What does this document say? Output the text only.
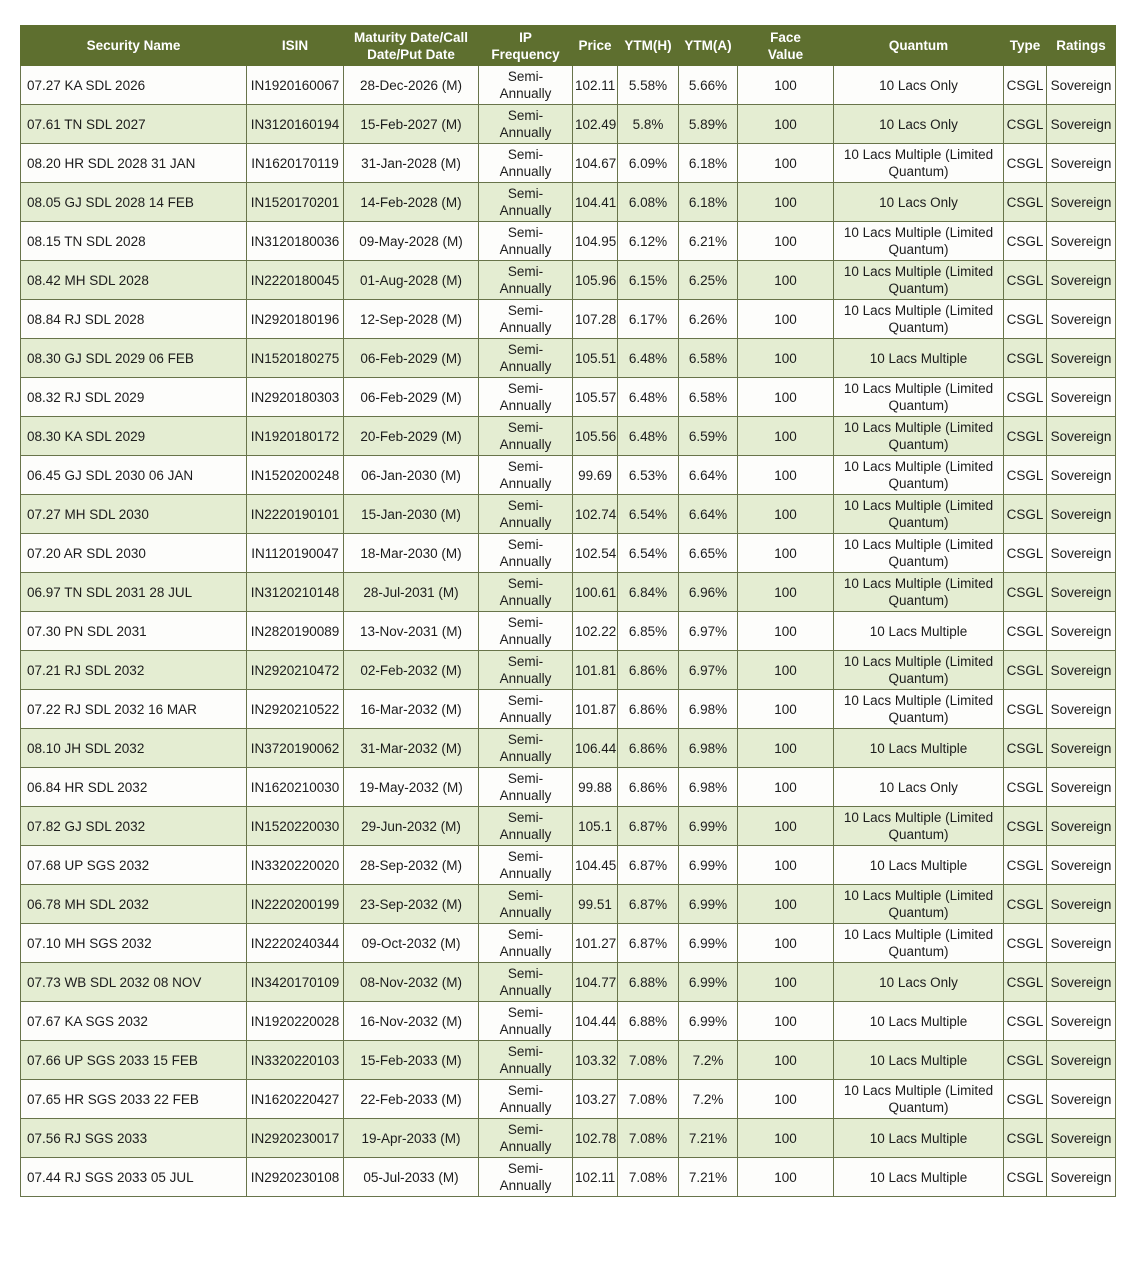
Security Name	ISIN	Maturity Date/Call Date/Put Date	IP Frequency	Price	YTM(H)	YTM(A)	Face Value	Quantum	Type	Ratings
07.27 KA SDL 2026	IN1920160067	28-Dec-2026 (M)	Semi-Annually	102.11	5.58%	5.66%	100	10 Lacs Only	CSGL	Sovereign
07.61 TN SDL 2027	IN3120160194	15-Feb-2027 (M)	Semi-Annually	102.49	5.8%	5.89%	100	10 Lacs Only	CSGL	Sovereign
08.20 HR SDL 2028 31 JAN	IN1620170119	31-Jan-2028 (M)	Semi-Annually	104.67	6.09%	6.18%	100	10 Lacs Multiple (Limited Quantum)	CSGL	Sovereign
08.05 GJ SDL 2028 14 FEB	IN1520170201	14-Feb-2028 (M)	Semi-Annually	104.41	6.08%	6.18%	100	10 Lacs Only	CSGL	Sovereign
08.15 TN SDL 2028	IN3120180036	09-May-2028 (M)	Semi-Annually	104.95	6.12%	6.21%	100	10 Lacs Multiple (Limited Quantum)	CSGL	Sovereign
08.42 MH SDL 2028	IN2220180045	01-Aug-2028 (M)	Semi-Annually	105.96	6.15%	6.25%	100	10 Lacs Multiple (Limited Quantum)	CSGL	Sovereign
08.84 RJ SDL 2028	IN2920180196	12-Sep-2028 (M)	Semi-Annually	107.28	6.17%	6.26%	100	10 Lacs Multiple (Limited Quantum)	CSGL	Sovereign
08.30 GJ SDL 2029 06 FEB	IN1520180275	06-Feb-2029 (M)	Semi-Annually	105.51	6.48%	6.58%	100	10 Lacs Multiple	CSGL	Sovereign
08.32 RJ SDL 2029	IN2920180303	06-Feb-2029 (M)	Semi-Annually	105.57	6.48%	6.58%	100	10 Lacs Multiple (Limited Quantum)	CSGL	Sovereign
08.30 KA SDL 2029	IN1920180172	20-Feb-2029 (M)	Semi-Annually	105.56	6.48%	6.59%	100	10 Lacs Multiple (Limited Quantum)	CSGL	Sovereign
06.45 GJ SDL 2030 06 JAN	IN1520200248	06-Jan-2030 (M)	Semi-Annually	99.69	6.53%	6.64%	100	10 Lacs Multiple (Limited Quantum)	CSGL	Sovereign
07.27 MH SDL 2030	IN2220190101	15-Jan-2030 (M)	Semi-Annually	102.74	6.54%	6.64%	100	10 Lacs Multiple (Limited Quantum)	CSGL	Sovereign
07.20 AR SDL 2030	IN1120190047	18-Mar-2030 (M)	Semi-Annually	102.54	6.54%	6.65%	100	10 Lacs Multiple (Limited Quantum)	CSGL	Sovereign
06.97 TN SDL 2031 28 JUL	IN3120210148	28-Jul-2031 (M)	Semi-Annually	100.61	6.84%	6.96%	100	10 Lacs Multiple (Limited Quantum)	CSGL	Sovereign
07.30 PN SDL 2031	IN2820190089	13-Nov-2031 (M)	Semi-Annually	102.22	6.85%	6.97%	100	10 Lacs Multiple	CSGL	Sovereign
07.21 RJ SDL 2032	IN2920210472	02-Feb-2032 (M)	Semi-Annually	101.81	6.86%	6.97%	100	10 Lacs Multiple (Limited Quantum)	CSGL	Sovereign
07.22 RJ SDL 2032 16 MAR	IN2920210522	16-Mar-2032 (M)	Semi-Annually	101.87	6.86%	6.98%	100	10 Lacs Multiple (Limited Quantum)	CSGL	Sovereign
08.10 JH SDL 2032	IN3720190062	31-Mar-2032 (M)	Semi-Annually	106.44	6.86%	6.98%	100	10 Lacs Multiple	CSGL	Sovereign
06.84 HR SDL 2032	IN1620210030	19-May-2032 (M)	Semi-Annually	99.88	6.86%	6.98%	100	10 Lacs Only	CSGL	Sovereign
07.82 GJ SDL 2032	IN1520220030	29-Jun-2032 (M)	Semi-Annually	105.1	6.87%	6.99%	100	10 Lacs Multiple (Limited Quantum)	CSGL	Sovereign
07.68 UP SGS 2032	IN3320220020	28-Sep-2032 (M)	Semi-Annually	104.45	6.87%	6.99%	100	10 Lacs Multiple	CSGL	Sovereign
06.78 MH SDL 2032	IN2220200199	23-Sep-2032 (M)	Semi-Annually	99.51	6.87%	6.99%	100	10 Lacs Multiple (Limited Quantum)	CSGL	Sovereign
07.10 MH SGS 2032	IN2220240344	09-Oct-2032 (M)	Semi-Annually	101.27	6.87%	6.99%	100	10 Lacs Multiple (Limited Quantum)	CSGL	Sovereign
07.73 WB SDL 2032 08 NOV	IN3420170109	08-Nov-2032 (M)	Semi-Annually	104.77	6.88%	6.99%	100	10 Lacs Only	CSGL	Sovereign
07.67 KA SGS 2032	IN1920220028	16-Nov-2032 (M)	Semi-Annually	104.44	6.88%	6.99%	100	10 Lacs Multiple	CSGL	Sovereign
07.66 UP SGS 2033 15 FEB	IN3320220103	15-Feb-2033 (M)	Semi-Annually	103.32	7.08%	7.2%	100	10 Lacs Multiple	CSGL	Sovereign
07.65 HR SGS 2033 22 FEB	IN1620220427	22-Feb-2033 (M)	Semi-Annually	103.27	7.08%	7.2%	100	10 Lacs Multiple (Limited Quantum)	CSGL	Sovereign
07.56 RJ SGS 2033	IN2920230017	19-Apr-2033 (M)	Semi-Annually	102.78	7.08%	7.21%	100	10 Lacs Multiple	CSGL	Sovereign
07.44 RJ SGS 2033 05 JUL	IN2920230108	05-Jul-2033 (M)	Semi-Annually	102.11	7.08%	7.21%	100	10 Lacs Multiple	CSGL	Sovereign
